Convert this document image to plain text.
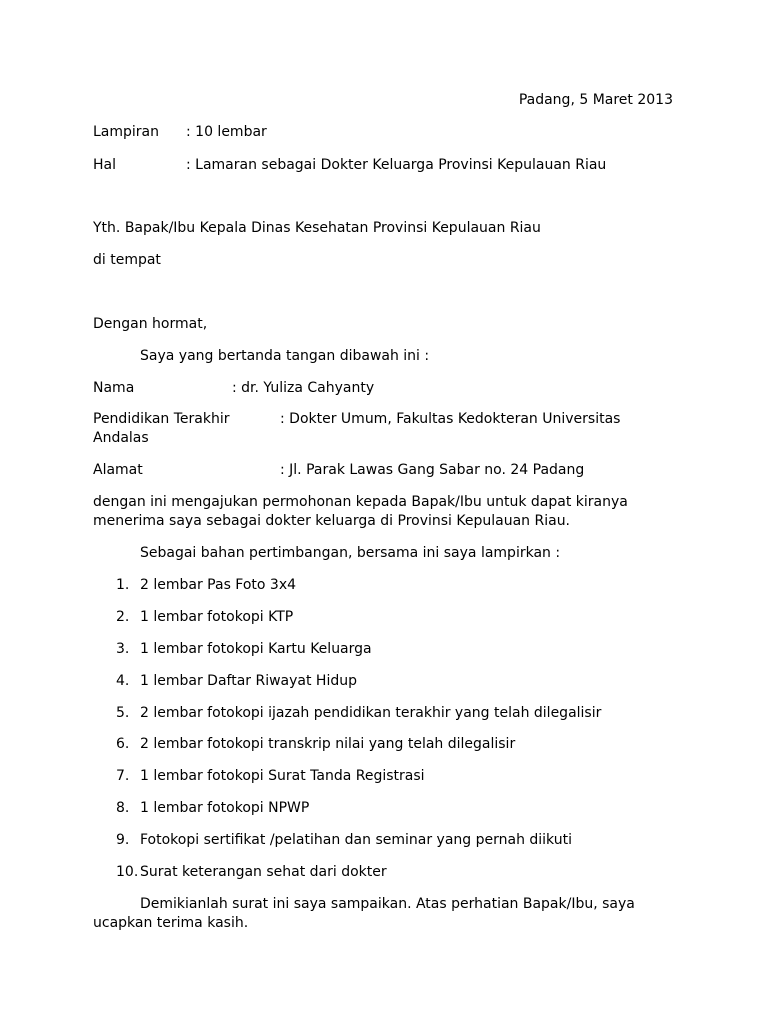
Padang, 5 Maret 2013
Lampiran : 10 lembar
Hal	: Lamaran sebagai Dokter Keluarga Provinsi Kepulauan Riau
Yth. Bapak/Ibu Kepala Dinas Kesehatan Provinsi Kepulauan Riau
di tempat
Dengan hormat,
Saya yang bertanda tangan dibawah ini :
Nama	: dr. Yuliza Cahyanty
Pendidikan Terakhir	: Dokter Umum, Fakultas Kedokteran Universitas
Andalas
Alamat	: Jl. Parak Lawas Gang Sabar no. 24 Padang
dengan ini mengajukan permohonan kepada Bapak/Ibu untuk dapat kiranya
menerima saya sebagai dokter keluarga di Provinsi Kepulauan Riau.
Sebagai bahan pertimbangan, bersama ini saya lampirkan :
1. 2 lembar Pas Foto 3x4
2. 1 lembar fotokopi KTP
3. 1 lembar fotokopi Kartu Keluarga
4. 1 lembar Daftar Riwayat Hidup
5. 2 lembar fotokopi ijazah pendidikan terakhir yang telah dilegalisir
6. 2 lembar fotokopi transkrip nilai yang telah dilegalisir
7. 1 lembar fotokopi Surat Tanda Registrasi
8. 1 lembar fotokopi NPWP
9. Fotokopi sertifikat /pelatihan dan seminar yang pernah diikuti
10. Surat keterangan sehat dari dokter
Demikianlah surat ini saya sampaikan. Atas perhatian Bapak/Ibu, saya
ucapkan terima kasih.
